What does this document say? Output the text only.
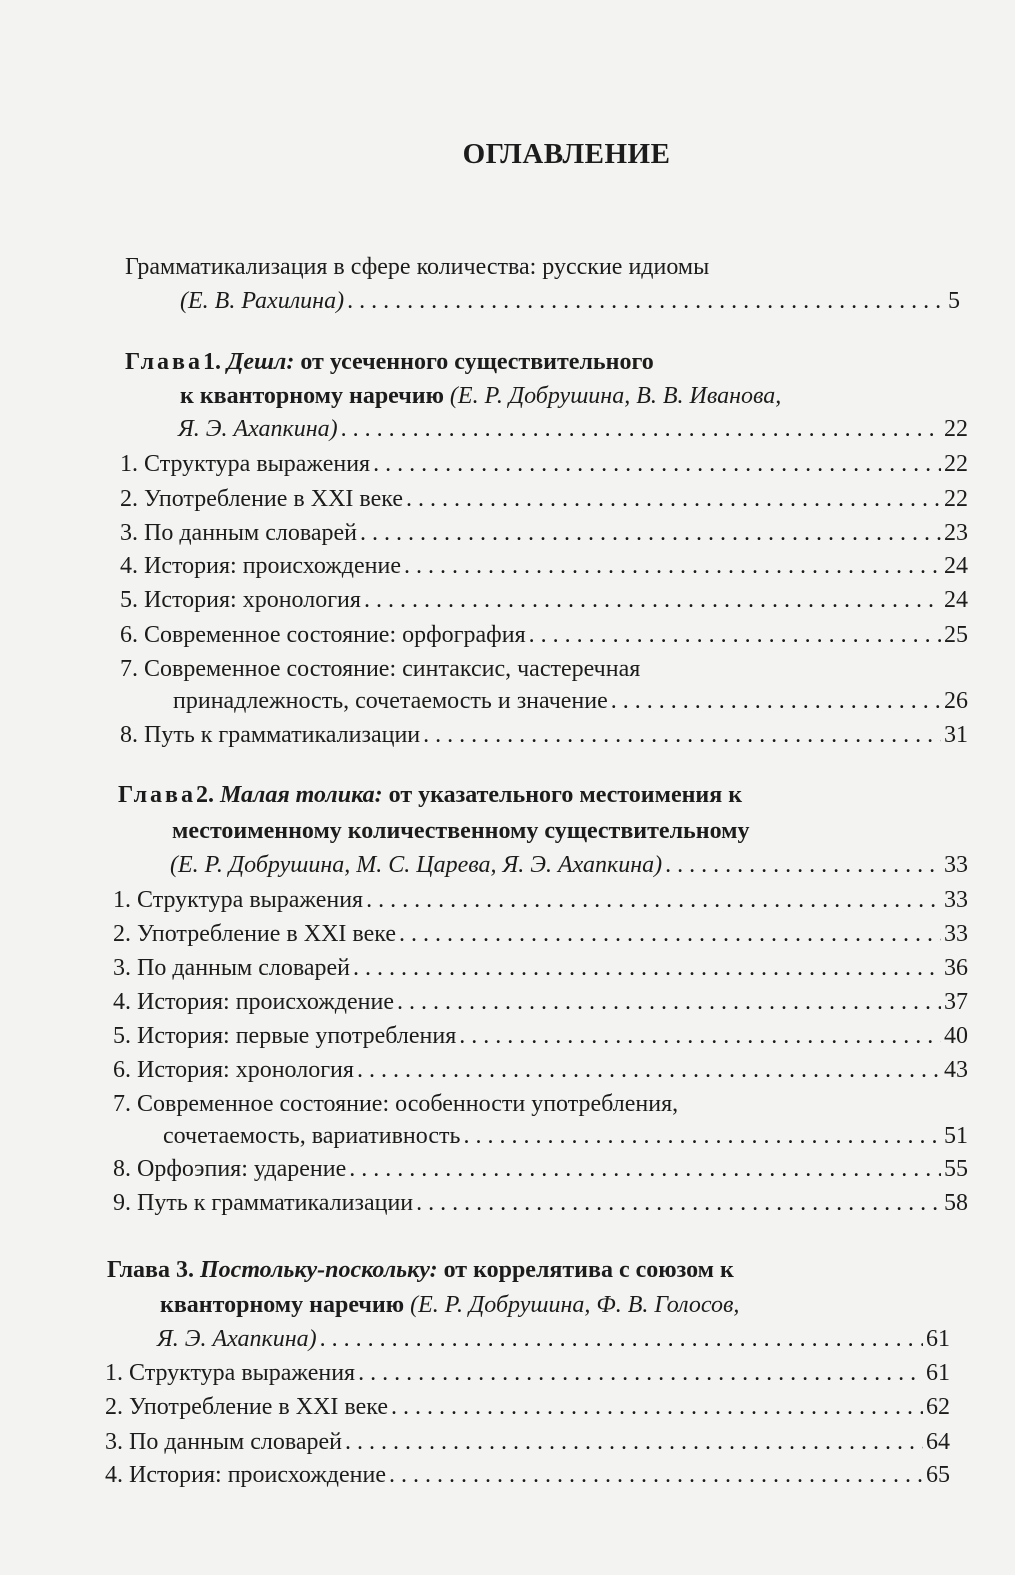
ОГЛАВЛЕНИЕ
Грамматикализация в сфере количества: русские идиомы
(Е. В. Рахилина) . . .	5
Глава1. Дешл: от усеченного существительного
к кванторному наречию (Е. Р. Добрушина, В. В. Иванова,
Я. Э. Ахапкина) . . .	22
1. Структура выражения . . .	22
2. Употребление в XXI веке . . .	22
3. По данным словарей . . .	23
4. История: происхождение . . .	24
5. История: хронология . . .	24
6. Современное состояние: орфография . . .	25
7. Современное состояние: синтаксис, частеречная
принадлежность, сочетаемость и значение . . .	26
8. Путь к грамматикализации . . .	31
Глава2. Малая толика: от указательного местоимения к
местоименному количественному существительному
(Е. Р. Добрушина, М. С. Царева, Я. Э. Ахапкина) . . .	33
1. Структура выражения . . .	33
2. Употребление в XXI веке . . .	33
3. По данным словарей . . .	36
4. История: происхождение . . .	37
5. История: первые употребления . . .	40
6. История: хронология . . .	43
7. Современное состояние: особенности употребления,
сочетаемость, вариативность . . .	51
8. Орфоэпия: ударение . . .	55
9. Путь к грамматикализации . . .	58
Глава 3. Постольку-поскольку: от коррелятива с союзом к
кванторному наречию (Е. Р. Добрушина, Ф. В. Голосов,
Я. Э. Ахапкина) . . .	61
1. Структура выражения . . .	61
2. Употребление в XXI веке . . .	62
3. По данным словарей . . .	64
4. История: происхождение . . .	65
